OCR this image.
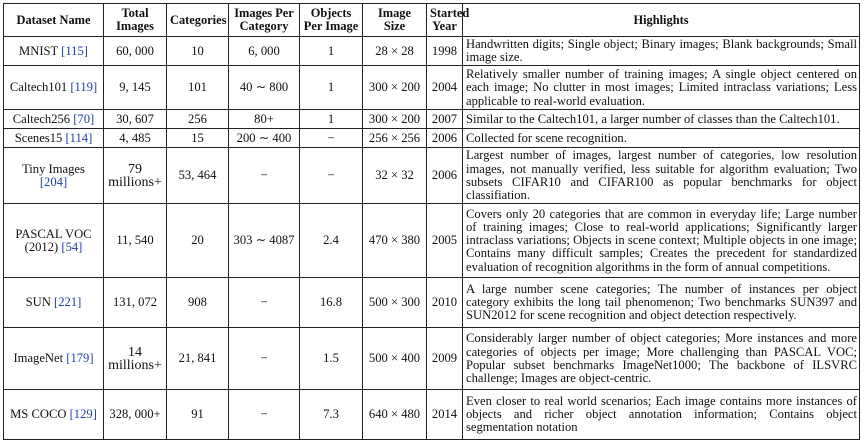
Dataset Name	Total Images	Categories	Images Per Category	Objects Per Image	Image Size	Started Year	Highlights
MNIST [115]	60, 000	10	6, 000	1	28 × 28	1998	Handwritten digits; Single object; Binary images; Blank backgrounds; Small image size.
Caltech101 [119]	9, 145	101	40 ∼ 800	1	300 × 200	2004	Relatively smaller number of training images; A single object centered on each image; No clutter in most images; Limited intraclass variations; Less applicable to real-world evaluation.
Caltech256 [70]	30, 607	256	80+	1	300 × 200	2007	Similar to the Caltech101, a larger number of classes than the Caltech101.
Scenes15 [114]	4, 485	15	200 ∼ 400	−	256 × 256	2006	Collected for scene recognition.
Tiny Images [204]	79 millions+	53, 464	−	−	32 × 32	2006	Largest number of images, largest number of categories, low resolution images, not manually verified, less suitable for algorithm evaluation; Two subsets CIFAR10 and CIFAR100 as popular benchmarks for object classifiation.
PASCAL VOC (2012) [54]	11, 540	20	303 ∼ 4087	2.4	470 × 380	2005	Covers only 20 categories that are common in everyday life; Large number of training images; Close to real-world applications; Significantly larger intraclass variations; Objects in scene context; Multiple objects in one image; Contains many difficult samples; Creates the precedent for standardized evaluation of recognition algorithms in the form of annual competitions.
SUN [221]	131, 072	908	−	16.8	500 × 300	2010	A large number scene categories; The number of instances per object category exhibits the long tail phenomenon; Two benchmarks SUN397 and SUN2012 for scene recognition and object detection respectively.
ImageNet [179]	14 millions+	21, 841	−	1.5	500 × 400	2009	Considerably larger number of object categories; More instances and more categories of objects per image; More challenging than PASCAL VOC; Popular subset benchmarks ImageNet1000; The backbone of ILSVRC challenge; Images are object-centric.
MS COCO [129]	328, 000+	91	−	7.3	640 × 480	2014	Even closer to real world scenarios; Each image contains more instances of objects and richer object annotation information; Contains object segmentation notation
